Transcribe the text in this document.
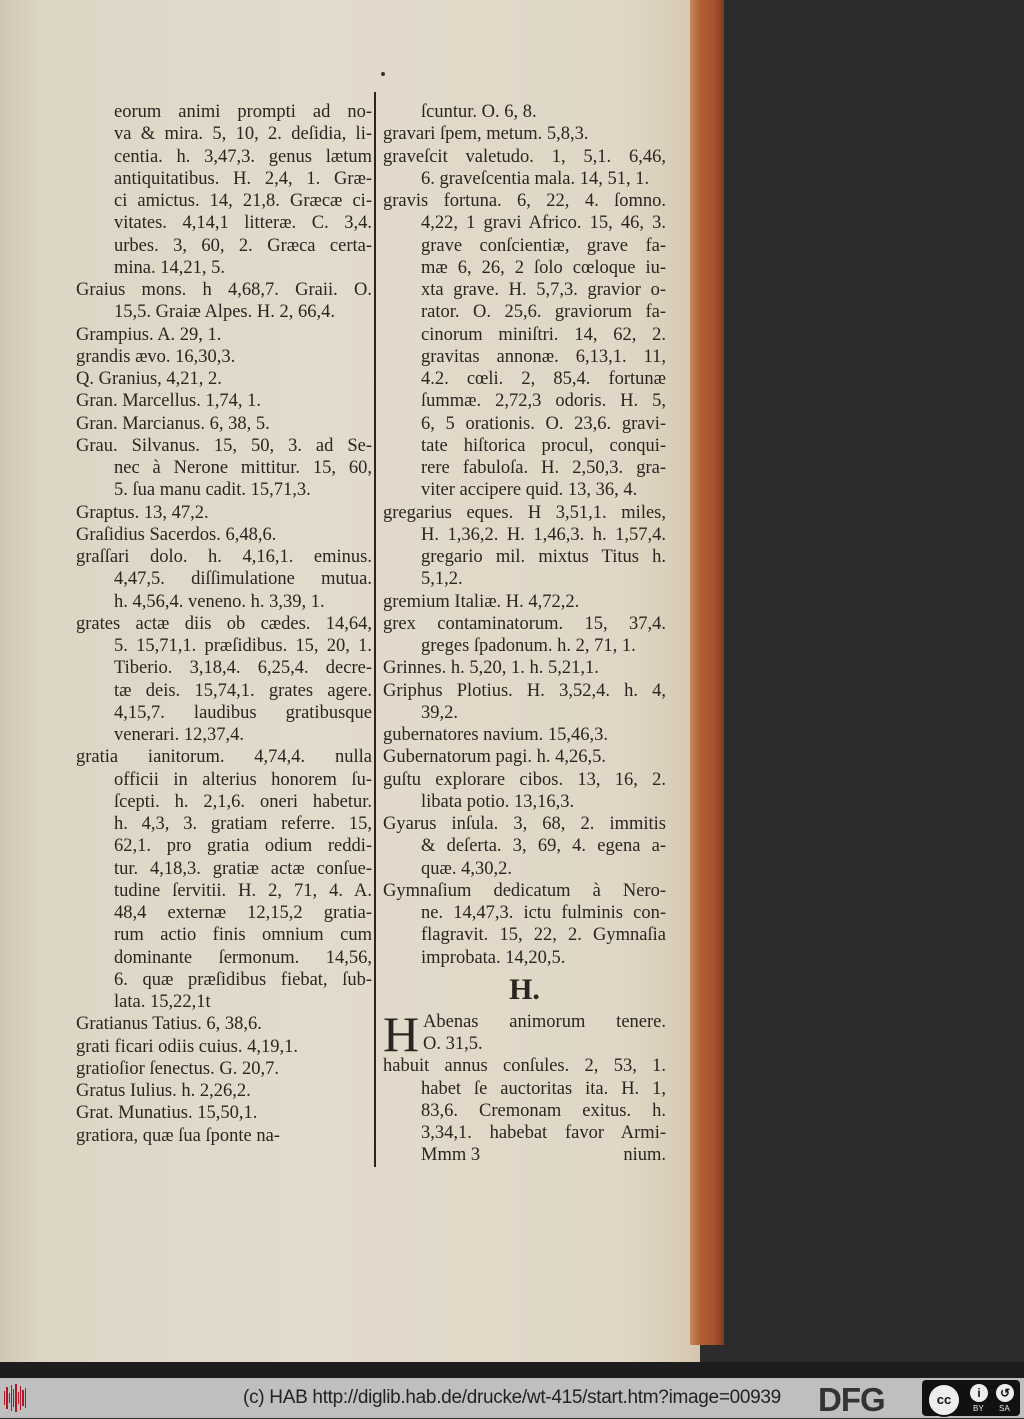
eorum animi prompti ad no-
va & mira. 5, 10, 2. deſidia, li-
centia. h. 3,47,3. genus lætum
antiquitatibus. H. 2,4, 1. Græ-
ci amictus. 14, 21,8. Græcæ ci-
vitates. 4,14,1 litteræ. C. 3,4.
urbes. 3, 60, 2. Græca certa-
mina. 14,21, 5.
Graius mons. h 4,68,7. Graii. O.
15,5. Graiæ Alpes. H. 2, 66,4.
Grampius. A. 29, 1.
grandis ævo. 16,30,3.
Q. Granius, 4,21, 2.
Gran. Marcellus. 1,74, 1.
Gran. Marcianus. 6, 38, 5.
Grau. Silvanus. 15, 50, 3. ad Se-
nec à Nerone mittitur. 15, 60,
5. ſua manu cadit. 15,71,3.
Graptus. 13, 47,2.
Graſidius Sacerdos. 6,48,6.
graſſari dolo. h. 4,16,1. eminus.
4,47,5. diſſimulatione mutua.
h. 4,56,4. veneno. h. 3,39, 1.
grates actæ diis ob cædes. 14,64,
5. 15,71,1. præſidibus. 15, 20, 1.
Tiberio. 3,18,4. 6,25,4. decre-
tæ deis. 15,74,1. grates agere.
4,15,7. laudibus gratibusque
venerari. 12,37,4.
gratia ianitorum. 4,74,4. nulla
officii in alterius honorem ſu-
ſcepti. h. 2,1,6. oneri habetur.
h. 4,3, 3. gratiam referre. 15,
62,1. pro gratia odium reddi-
tur. 4,18,3. gratiæ actæ conſue-
tudine ſervitii. H. 2, 71, 4. A.
48,4 externæ 12,15,2 gratia-
rum actio finis omnium cum
dominante ſermonum. 14,56,
6. quæ præſidibus fiebat, ſub-
lata. 15,22,1t
Gratianus Tatius. 6, 38,6.
grati ficari odiis cuius. 4,19,1.
gratioſior ſenectus. G. 20,7.
Gratus Iulius. h. 2,26,2.
Grat. Munatius. 15,50,1.
gratiora, quæ ſua ſponte na-
ſcuntur. O. 6, 8.
gravari ſpem, metum. 5,8,3.
graveſcit valetudo. 1, 5,1. 6,46,
6. graveſcentia mala. 14, 51, 1.
gravis fortuna. 6, 22, 4. ſomno.
4,22, 1 gravi Africo. 15, 46, 3.
grave conſcientiæ, grave fa-
mæ 6, 26, 2 ſolo cœloque iu-
xta grave. H. 5,7,3. gravior o-
rator. O. 25,6. graviorum fa-
cinorum miniſtri. 14, 62, 2.
gravitas annonæ. 6,13,1. 11,
4.2. cœli. 2, 85,4. fortunæ
ſummæ. 2,72,3 odoris. H. 5,
6, 5 orationis. O. 23,6. gravi-
tate hiſtorica procul, conqui-
rere fabuloſa. H. 2,50,3. gra-
viter accipere quid. 13, 36, 4.
gregarius eques. H 3,51,1. miles,
H. 1,36,2. H. 1,46,3. h. 1,57,4.
gregario mil. mixtus Titus h.
5,1,2.
gremium Italiæ. H. 4,72,2.
grex contaminatorum. 15, 37,4.
greges ſpadonum. h. 2, 71, 1.
Grinnes. h. 5,20, 1. h. 5,21,1.
Griphus Plotius. H. 3,52,4. h. 4,
39,2.
gubernatores navium. 15,46,3.
Gubernatorum pagi. h. 4,26,5.
guſtu explorare cibos. 13, 16, 2.
libata potio. 13,16,3.
Gyarus inſula. 3, 68, 2. immitis
& deſerta. 3, 69, 4. egena a-
quæ. 4,30,2.
Gymnaſium dedicatum à Nero-
ne. 14,47,3. ictu fulminis con-
flagravit. 15, 22, 2. Gymnaſia
improbata. 14,20,5.
H.
H Abenas animorum tenere.
O. 31,5.
habuit annus conſules. 2, 53, 1.
habet ſe auctoritas ita. H. 1,
83,6. Cremonam exitus. h.
3,34,1. habebat favor Armi-
Mmm 3	nium.
(c) HAB http://diglib.hab.de/drucke/wt-415/start.htm?image=00939	DFG	cc	i	↺
BY SA
